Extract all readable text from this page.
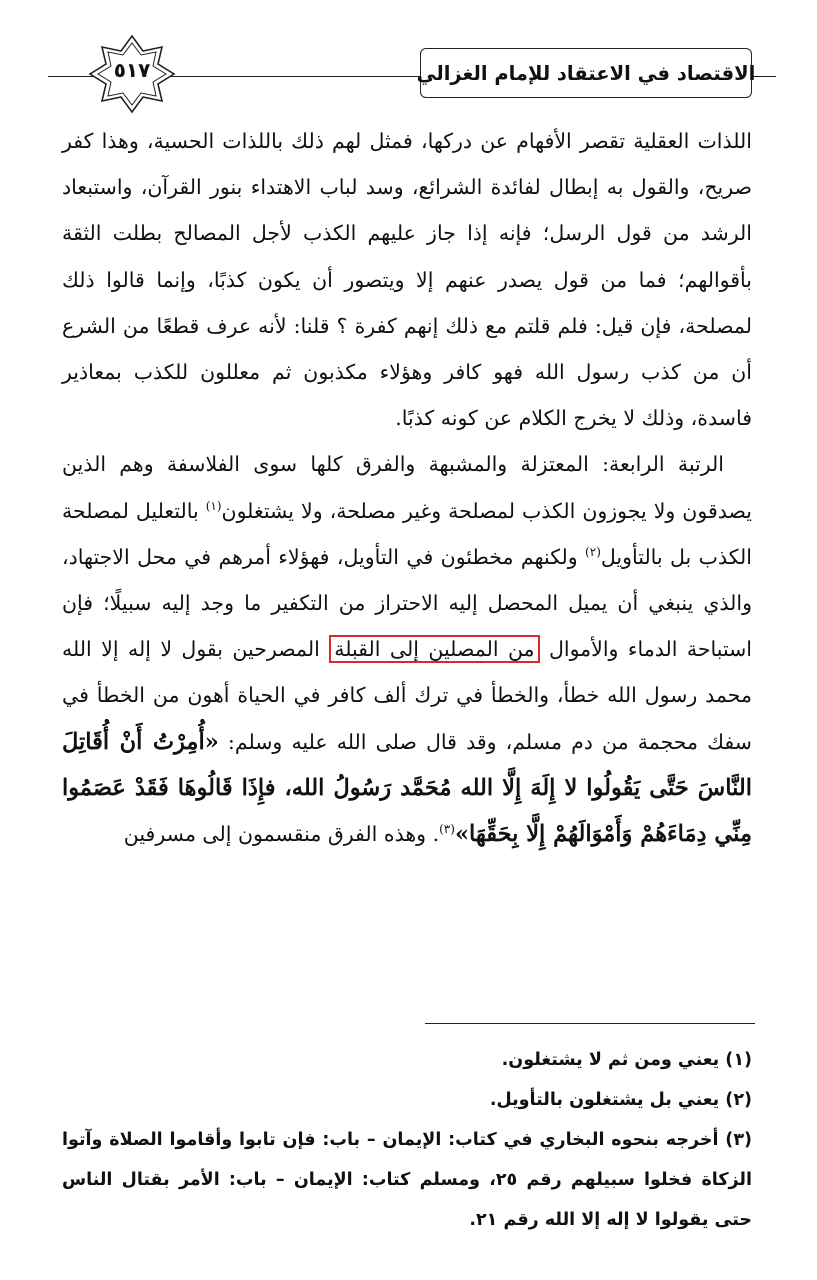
الاقتصاد في الاعتقاد للإمام الغزالي
٥١٧

اللذات العقلية تقصر الأفهام عن دركها، فمثل لهم ذلك باللذات الحسية، وهذا كفر صريح، والقول به إبطال لفائدة الشرائع، وسد لباب الاهتداء بنور القرآن، واستبعاد الرشد من قول الرسل؛ فإنه إذا جاز عليهم الكذب لأجل المصالح بطلت الثقة بأقوالهم؛ فما من قول يصدر عنهم إلا ويتصور أن يكون كذبًا، وإنما قالوا ذلك لمصلحة، فإن قيل: فلم قلتم مع ذلك إنهم كفرة ؟ قلنا: لأنه عرف قطعًا من الشرع أن من كذب رسول الله فهو كافر وهؤلاء مكذبون ثم معللون للكذب بمعاذير فاسدة، وذلك لا يخرج الكلام عن كونه كذبًا.

الرتبة الرابعة: المعتزلة والمشبهة والفرق كلها سوى الفلاسفة وهم الذين يصدقون ولا يجوزون الكذب لمصلحة وغير مصلحة، ولا يشتغلون$^{(١)}$ بالتعليل لمصلحة الكذب بل بالتأويل$^{(٢)}$ ولكنهم مخطئون في التأويل، فهؤلاء أمرهم في محل الاجتهاد، والذي ينبغي أن يميل المحصل إليه الاحتراز من التكفير ما وجد إليه سبيلًا؛ فإن استباحة الدماء والأموال من المصلين إلى القبلة المصرحين بقول لا إله إلا الله محمد رسول الله خطأ، والخطأ في ترك ألف كافر في الحياة أهون من الخطأ في سفك محجمة من دم مسلم، وقد قال صلى الله عليه وسلم: «أُمِرْتُ أَنْ أُقَاتِلَ النَّاسَ حَتَّى يَقُولُوا لا إِلَهَ إِلَّا الله مُحَمَّد رَسُولُ الله، فإِذَا قَالُوهَا فَقَدْ عَصَمُوا مِنِّي دِمَاءَهُمْ وَأَمْوَالَهُمْ إِلَّا بِحَقِّهَا»$^{(٣)}$. وهذه الفرق منقسمون إلى مسرفين

(١) يعني ومن ثم لا يشتغلون.

(٢) يعني بل يشتغلون بالتأويل.

(٣) أخرجه بنحوه البخاري في كتاب: الإيمان – باب: فإن تابوا وأقاموا الصلاة وآتوا الزكاة فخلوا سبيلهم رقم ٢٥، ومسلم كتاب: الإيمان – باب: الأمر بقتال الناس حتى يقولوا لا إله إلا الله رقم ٢١.
